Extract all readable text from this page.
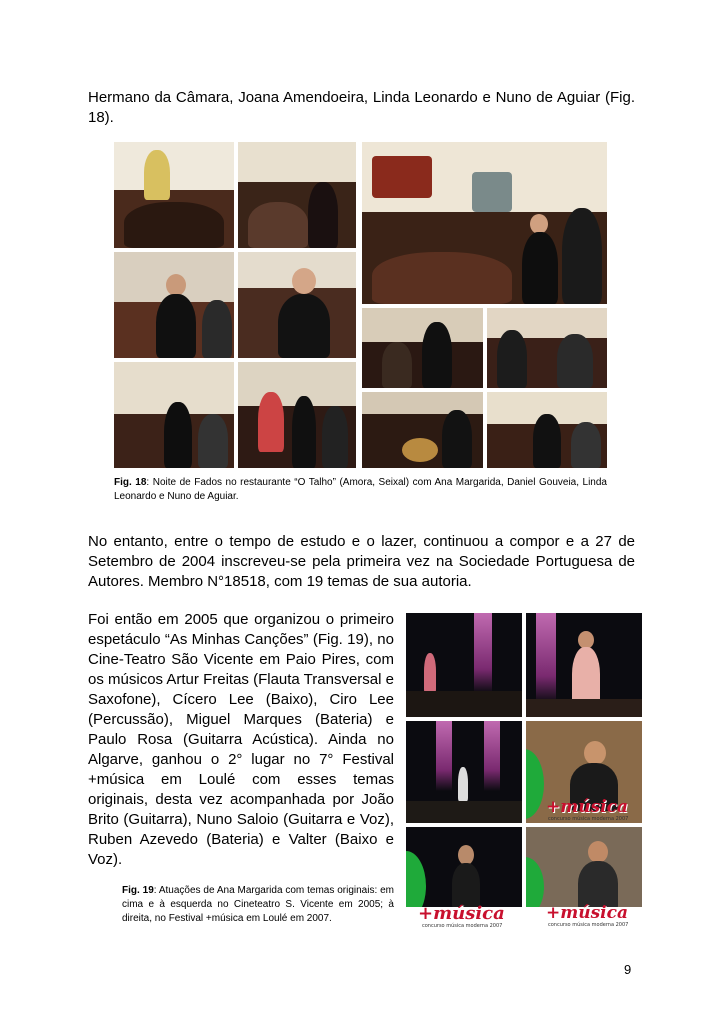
Hermano da Câmara, Joana Amendoeira, Linda Leonardo e Nuno de Aguiar (Fig. 18).

Fig. 18: Noite de Fados no restaurante “O Talho” (Amora, Seixal) com Ana Margarida, Daniel Gouveia, Linda Leonardo e Nuno de Aguiar.

No entanto, entre o tempo de estudo e o lazer, continuou a compor e a 27 de Setembro de 2004 inscreveu-se pela primeira vez na Sociedade Portuguesa de Autores. Membro N°18518, com 19 temas de sua autoria.

Foi então em 2005 que organizou o primeiro espetáculo “As Minhas Canções” (Fig. 19), no Cine-Teatro São Vicente em Paio Pires, com os músicos Artur Freitas (Flauta Transversal e Saxofone), Cícero Lee (Baixo), Ciro Lee (Percussão), Miguel Marques (Bateria) e Paulo Rosa (Guitarra Acústica). Ainda no Algarve, ganhou o 2° lugar no 7° Festival +música em Loulé com esses temas originais, desta vez acompanhada por João Brito (Guitarra), Nuno Saloio (Guitarra e Voz), Ruben Azevedo (Bateria) e Valter (Baixo e Voz).

+música
concurso música moderna 2007
+música
concurso música moderna 2007
+música
concurso música moderna 2007

Fig. 19: Atuações de Ana Margarida com temas originais: em cima e à esquerda no Cineteatro S. Vicente em 2005; à direita, no Festival +música em Loulé em 2007.

9
